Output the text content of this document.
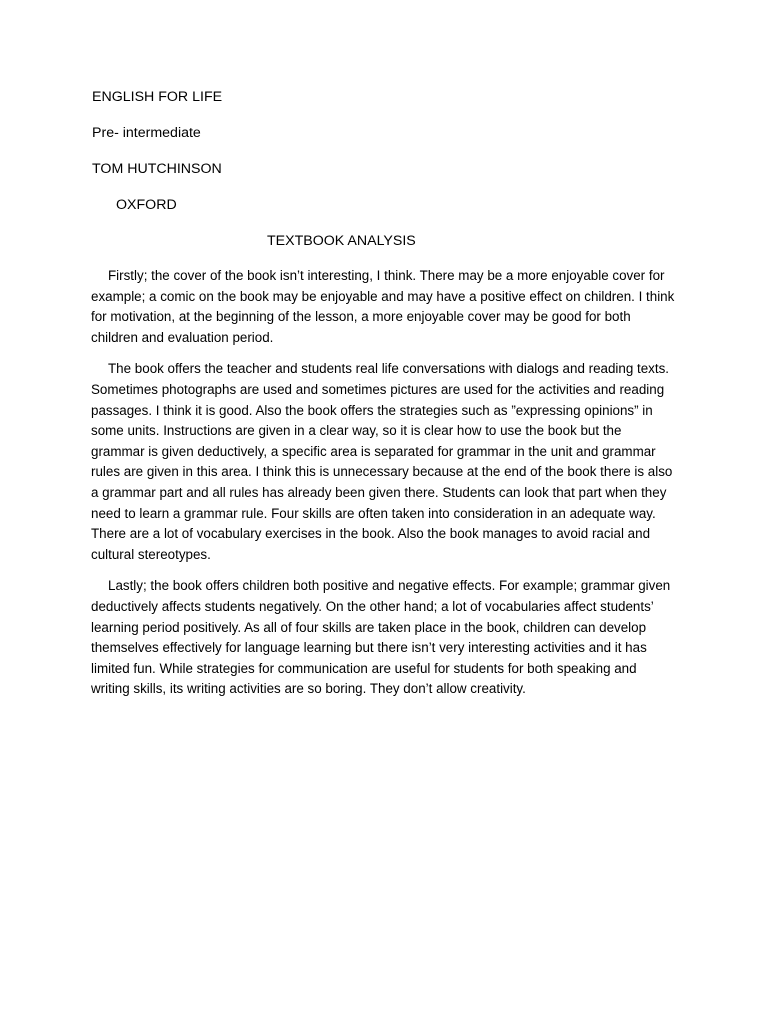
ENGLISH FOR LIFE
Pre- intermediate
TOM HUTCHINSON
OXFORD
TEXTBOOK ANALYSIS

Firstly; the cover of the book isn’t interesting, I think. There may be a more enjoyable cover for example; a comic on the book may be enjoyable and may have a positive effect on children. I think for motivation, at the beginning of the lesson, a more enjoyable cover may be good for both children and evaluation period.

The book offers the teacher and students real life conversations with dialogs and reading texts. Sometimes photographs are used and sometimes pictures are used for the activities and reading passages. I think it is good. Also the book offers the strategies such as ”expressing opinions” in some units. Instructions are given in a clear way, so it is clear how to use the book but the grammar is given deductively, a specific area is separated for grammar in the unit and grammar rules are given in this area. I think this is unnecessary because at the end of the book there is also a grammar part and all rules has already been given there. Students can look that part when they need to learn a grammar rule. Four skills are often taken into consideration in an adequate way. There are a lot of vocabulary exercises in the book. Also the book manages to avoid racial and cultural stereotypes.

Lastly; the book offers children both positive and negative effects. For example; grammar given deductively affects students negatively. On the other hand; a lot of vocabularies affect students’ learning period positively. As all of four skills are taken place in the book, children can develop themselves effectively for language learning but there isn’t very interesting activities and it has limited fun. While strategies for communication are useful for students for both speaking and writing skills, its writing activities are so boring. They don’t allow creativity.
